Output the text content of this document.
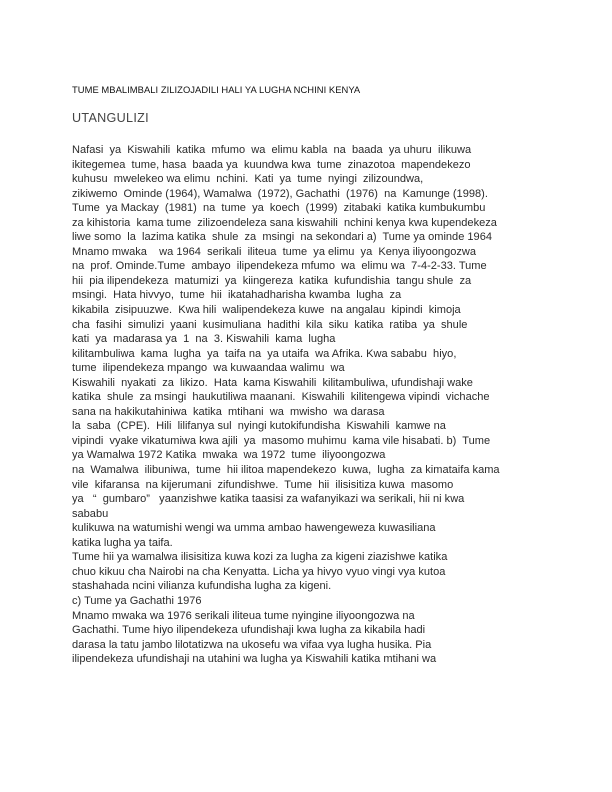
TUME MBALIMBALI ZILIZOJADILI HALI YA LUGHA NCHINI KENYA
UTANGULIZI
Nafasi  ya  Kiswahili  katika  mfumo  wa  elimu kabla  na  baada  ya uhuru  ilikuwa
ikitegemea  tume, hasa  baada ya  kuundwa kwa  tume  zinazotoa  mapendekezo
kuhusu  mwelekeo wa elimu  nchini.  Kati  ya  tume  nyingi  zilizoundwa,
zikiwemo  Ominde (1964), Wamalwa  (1972), Gachathi  (1976)  na  Kamunge (1998).
Tume  ya Mackay  (1981)  na  tume  ya  koech  (1999)  zitabaki  katika kumbukumbu
za kihistoria  kama tume  zilizoendeleza sana kiswahili  nchini kenya kwa kupendekeza
liwe somo  la  lazima katika  shule  za  msingi  na sekondari a)  Tume ya ominde 1964
Mnamo mwaka    wa 1964  serikali  iliteua  tume  ya elimu  ya  Kenya iliyoongozwa
na  prof. Ominde.Tume  ambayo  ilipendekeza mfumo  wa  elimu wa  7-4-2-33. Tume
hii  pia ilipendekeza  matumizi  ya  kiingereza  katika  kufundishia  tangu shule  za
msingi.  Hata hivvyo,  tume  hii  ikatahadharisha kwamba  lugha  za
kikabila  zisipuuzwe.  Kwa hili  walipendekeza kuwe  na angalau  kipindi  kimoja
cha  fasihi  simulizi  yaani  kusimuliana  hadithi  kila  siku  katika  ratiba  ya  shule
kati  ya  madarasa ya  1  na  3. Kiswahili  kama  lugha
kilitambuliwa  kama  lugha  ya  taifa na  ya utaifa  wa Afrika. Kwa sababu  hiyo,
tume  ilipendekeza mpango  wa kuwaandaa walimu  wa
Kiswahili  nyakati  za  likizo.  Hata  kama Kiswahili  kilitambuliwa, ufundishaji wake
katika  shule  za msingi  haukutiliwa maanani.  Kiswahili  kilitengewa vipindi  vichache
sana na hakikutahiniwa  katika  mtihani  wa  mwisho  wa darasa
la  saba  (CPE).  Hili  lilifanya sul  nyingi kutokifundisha  Kiswahili  kamwe na
vipindi  vyake vikatumiwa kwa ajili  ya  masomo muhimu  kama vile hisabati. b)  Tume
ya Wamalwa 1972 Katika  mwaka  wa 1972  tume  iliyoongozwa
na  Wamalwa  ilibuniwa,  tume  hii ilitoa mapendekezo  kuwa,  lugha  za kimataifa kama
vile  kifaransa  na kijerumani  zifundishwe.  Tume  hii  ilisisitiza kuwa  masomo
ya   “  gumbaro”   yaanzishwe katika taasisi za wafanyikazi wa serikali, hii ni kwa
sababu
kulikuwa na watumishi wengi wa umma ambao hawengeweza kuwasiliana
katika lugha ya taifa.
Tume hii ya wamalwa ilisisitiza kuwa kozi za lugha za kigeni ziazishwe katika
chuo kikuu cha Nairobi na cha Kenyatta. Licha ya hivyo vyuo vingi vya kutoa
stashahada ncini vilianza kufundisha lugha za kigeni.
c) Tume ya Gachathi 1976
Mnamo mwaka wa 1976 serikali iliteua tume nyingine iliyoongozwa na
Gachathi. Tume hiyo ilipendekeza ufundishaji kwa lugha za kikabila hadi
darasa la tatu jambo lilotatizwa na ukosefu wa vifaa vya lugha husika. Pia
ilipendekeza ufundishaji na utahini wa lugha ya Kiswahili katika mtihani wa
